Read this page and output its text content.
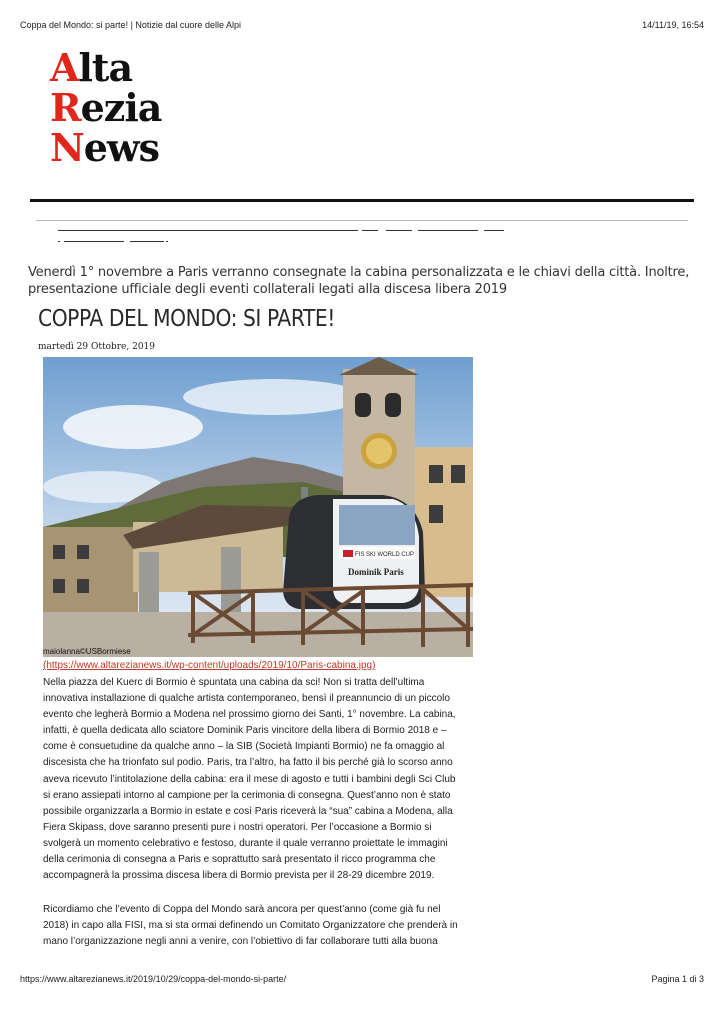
Coppa del Mondo: si parte! | Notizie dal cuore delle Alpi	14/11/19, 16:54
Alta
Rezia
News
Venerdì 1° novembre a Paris verranno consegnate la cabina personalizzata e le chiavi della città. Inoltre, presentazione ufficiale degli eventi collaterali legati alla discesa libera 2019
COPPA DEL MONDO: SI PARTE!
martedì 29 Ottobre, 2019
FIS SKI WORLD CUP
Dominik Paris
maiolanna©USBormiese
(https://www.altarezianews.it/wp-content/uploads/2019/10/Paris-cabina.jpg)

Nella piazza del Kuerc di Bormio è spuntata una cabina da sci! Non si tratta dell’ultima
innovativa installazione di qualche artista contemporaneo, bensì il preannuncio di un piccolo
evento che legherà Bormio a Modena nel prossimo giorno dei Santi, 1° novembre. La cabina,
infatti, è quella dedicata allo sciatore Dominik Paris vincitore della libera di Bormio 2018 e –
come è consuetudine da qualche anno – la SIB (Società Impianti Bormio) ne fa omaggio al
discesista che ha trionfato sul podio. Paris, tra l’altro, ha fatto il bis perché già lo scorso anno
aveva ricevuto l’intitolazione della cabina: era il mese di agosto e tutti i bambini degli Sci Club
si erano assiepati intorno al campione per la cerimonia di consegna. Quest’anno non è stato
possibile organizzarla a Bormio in estate e così Paris riceverà la “sua” cabina a Modena, alla
Fiera Skipass, dove saranno presenti pure i nostri operatori. Per l’occasione a Bormio si
svolgerà un momento celebrativo e festoso, durante il quale verranno proiettate le immagini
della cerimonia di consegna a Paris e soprattutto sarà presentato il ricco programma che
accompagnerà la prossima discesa libera di Bormio prevista per il 28-29 dicembre 2019.

Ricordiamo che l’evento di Coppa del Mondo sarà ancora per quest’anno (come già fu nel
2018) in capo alla FISI, ma si sta ormai definendo un Comitato Organizzatore che prenderà in
mano l’organizzazione negli anni a venire, con l’obiettivo di far collaborare tutti alla buona

https://www.altarezianews.it/2019/10/29/coppa-del-mondo-si-parte/	Pagina 1 di 3
